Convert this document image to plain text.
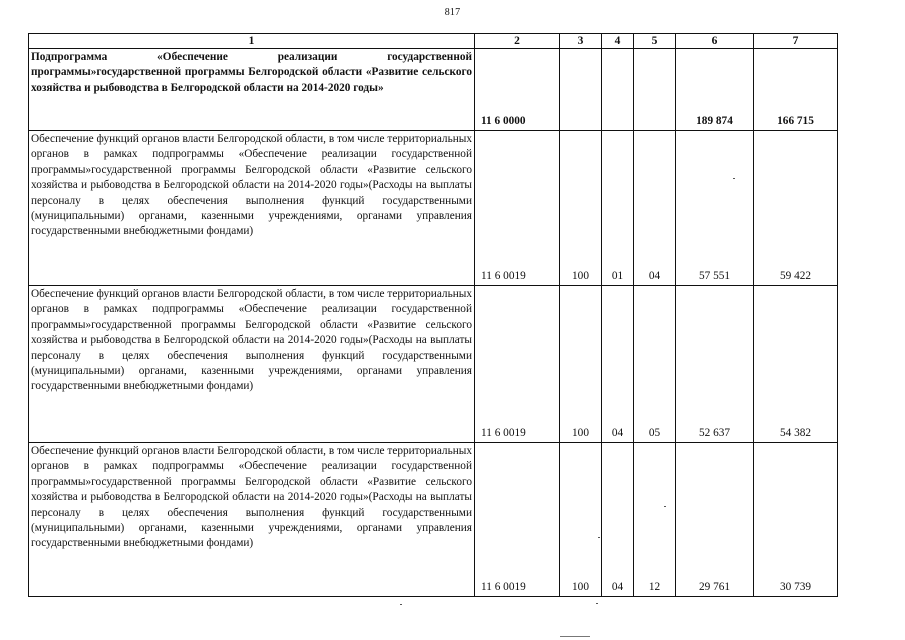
817
1	2	3	4	5	6	7
Подпрограмма «Обеспечение реализации государственной программы»государственной программы Белгородской области «Развитие сельского хозяйства и рыбоводства в Белгородской области на 2014-2020 годы»	11 6 0000				189 874	166 715
Обеспечение функций органов власти Белгородской области, в том числе территориальных органов в рамках подпрограммы «Обеспечение реализации государственной программы»государственной программы Белгородской области «Развитие сельского хозяйства и рыбоводства в Белгородской области на 2014-2020 годы»(Расходы на выплаты персоналу в целях обеспечения выполнения функций государственными (муниципальными) органами, казенными учреждениями, органами управления государственными внебюджетными фондами)	11 6 0019	100	01	04	57 551	59 422
Обеспечение функций органов власти Белгородской области, в том числе территориальных органов в рамках подпрограммы «Обеспечение реализации государственной программы»государственной программы Белгородской области «Развитие сельского хозяйства и рыбоводства в Белгородской области на 2014-2020 годы»(Расходы на выплаты персоналу в целях обеспечения выполнения функций государственными (муниципальными) органами, казенными учреждениями, органами управления государственными внебюджетными фондами)	11 6 0019	100	04	05	52 637	54 382
Обеспечение функций органов власти Белгородской области, в том числе территориальных органов в рамках подпрограммы «Обеспечение реализации государственной программы»государственной программы Белгородской области «Развитие сельского хозяйства и рыбоводства в Белгородской области на 2014-2020 годы»(Расходы на выплаты персоналу в целях обеспечения выполнения функций государственными (муниципальными) органами, казенными учреждениями, органами управления государственными внебюджетными фондами)	11 6 0019	100	04	12	29 761	30 739
